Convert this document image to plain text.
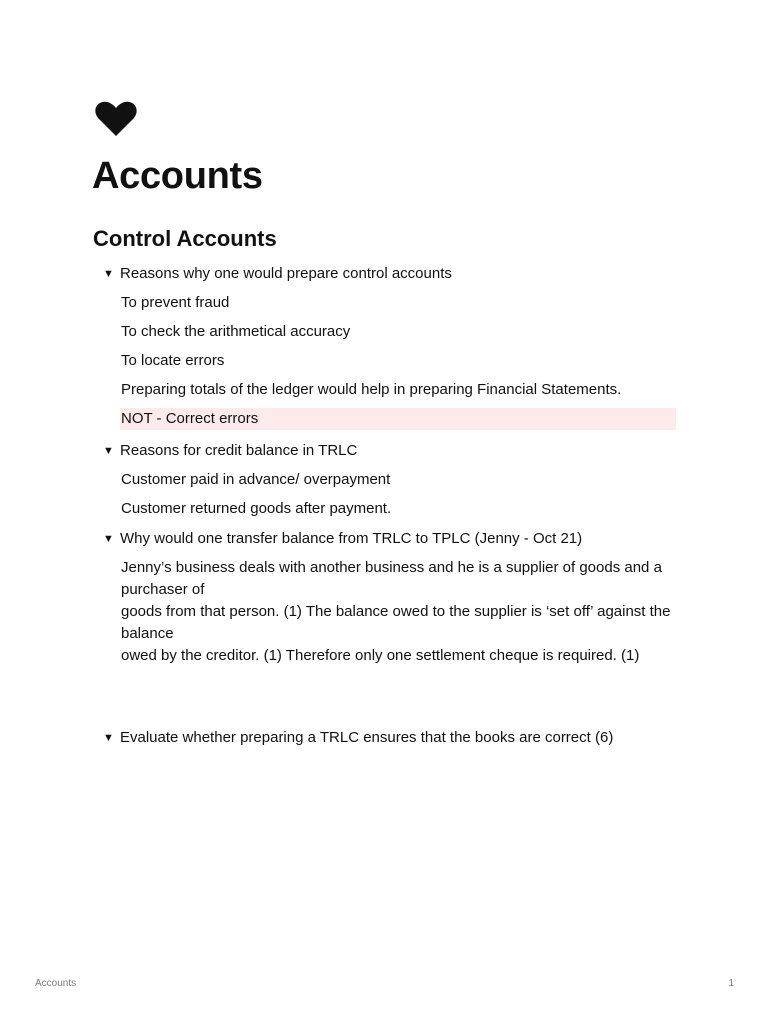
Accounts
Control Accounts
▼ Reasons why one would prepare control accounts
To prevent fraud
To check the arithmetical accuracy
To locate errors
Preparing totals of the ledger would help in preparing Financial Statements.
NOT - Correct errors
▼ Reasons for credit balance in TRLC
Customer paid in advance/ overpayment
Customer returned goods after payment.
▼ Why would one transfer balance from TRLC to TPLC (Jenny - Oct 21)
Jenny’s business deals with another business and he is a supplier of goods and a purchaser of
goods from that person. (1) The balance owed to the supplier is ‘set off’ against the balance
owed by the creditor. (1) Therefore only one settlement cheque is required. (1)
▼ Evaluate whether preparing a TRLC ensures that the books are correct (6)
Accounts	1
